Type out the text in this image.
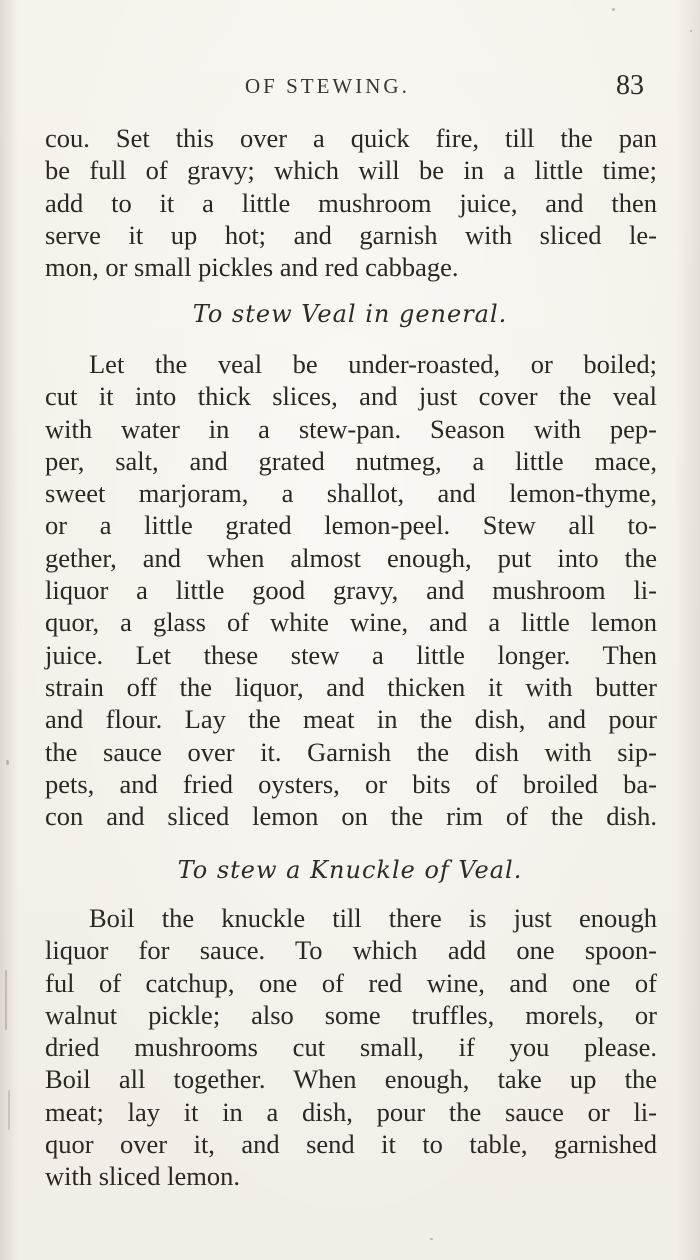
OF STEWING.	83
cou. Set this over a quick fire, till the pan
be full of gravy; which will be in a little time;
add to it a little mushroom juice, and then
serve it up hot; and garnish with sliced le-
mon, or small pickles and red cabbage.
To stew Veal in general.
Let the veal be under-roasted, or boiled;
cut it into thick slices, and just cover the veal
with water in a stew-pan. Season with pep-
per, salt, and grated nutmeg, a little mace,
sweet marjoram, a shallot, and lemon-thyme,
or a little grated lemon-peel. Stew all to-
gether, and when almost enough, put into the
liquor a little good gravy, and mushroom li-
quor, a glass of white wine, and a little lemon
juice. Let these stew a little longer. Then
strain off the liquor, and thicken it with butter
and flour. Lay the meat in the dish, and pour
the sauce over it. Garnish the dish with sip-
pets, and fried oysters, or bits of broiled ba-
con and sliced lemon on the rim of the dish.
To stew a Knuckle of Veal.
Boil the knuckle till there is just enough
liquor for sauce. To which add one spoon-
ful of catchup, one of red wine, and one of
walnut pickle; also some truffles, morels, or
dried mushrooms cut small, if you please.
Boil all together. When enough, take up the
meat; lay it in a dish, pour the sauce or li-
quor over it, and send it to table, garnished
with sliced lemon.
